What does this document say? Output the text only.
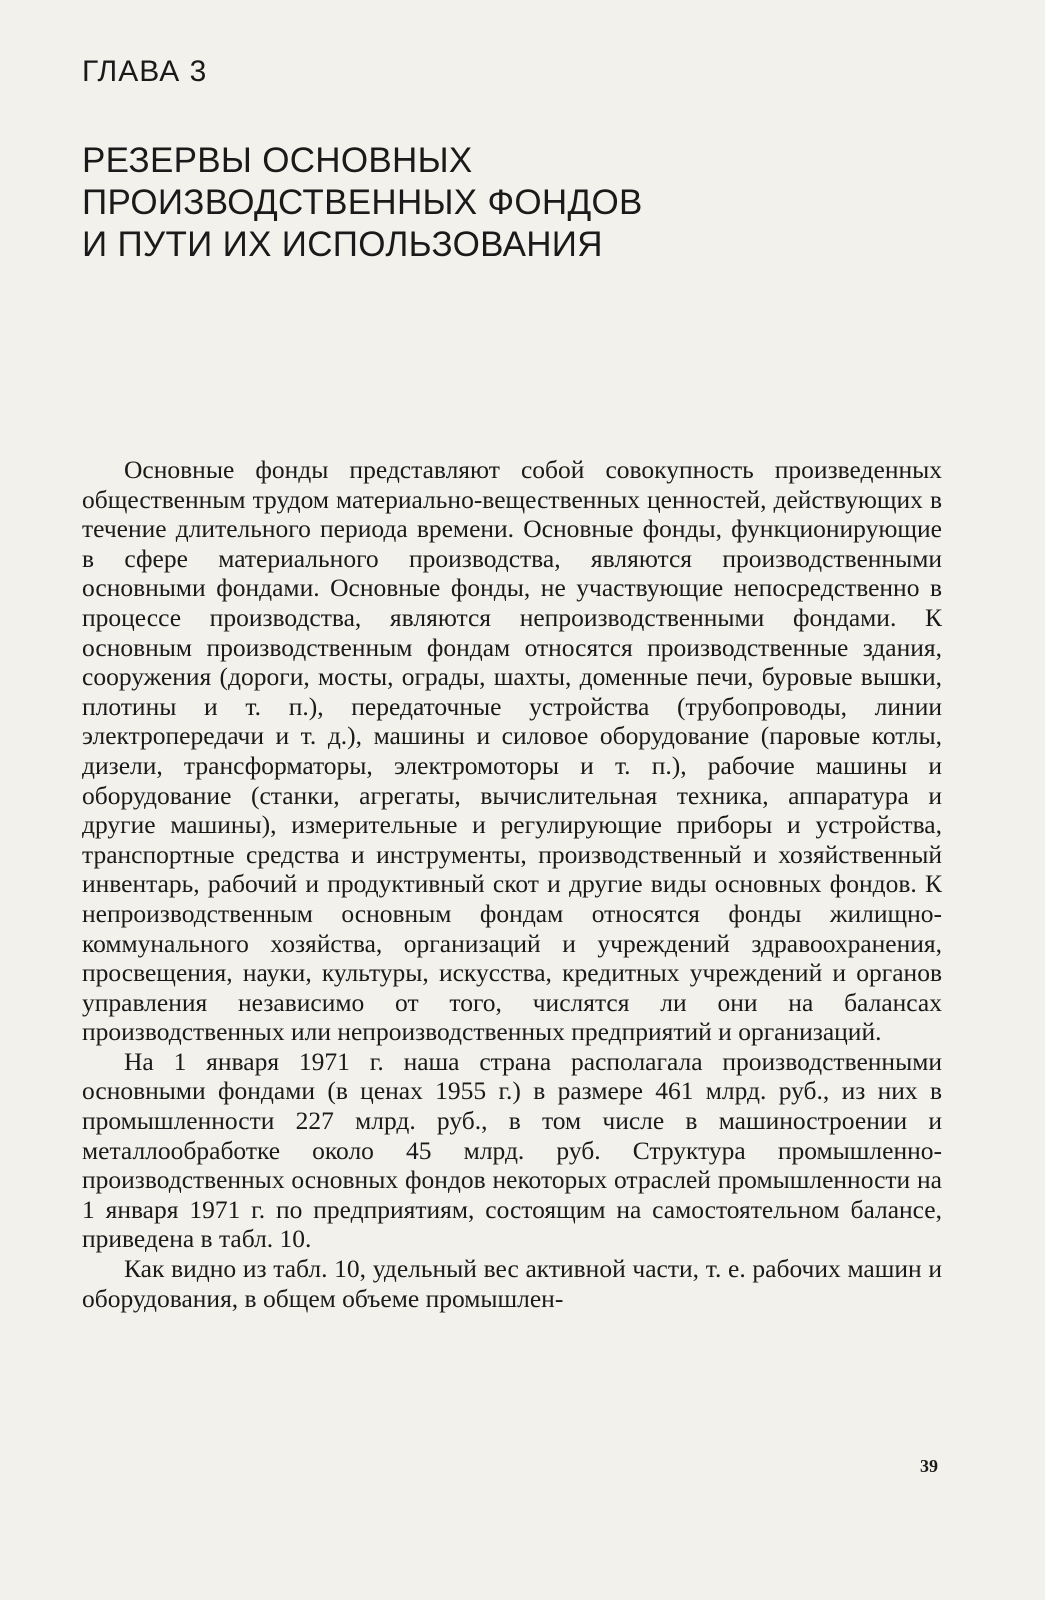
ГЛАВА 3
РЕЗЕРВЫ ОСНОВНЫХ
ПРОИЗВОДСТВЕННЫХ ФОНДОВ
И ПУТИ ИХ ИСПОЛЬЗОВАНИЯ

Основные фонды представляют собой совокупность произведенных общественным трудом материально-вещественных ценностей, действующих в течение длительного периода времени. Основные фонды, функционирующие в сфере материального производства, являются производственными основными фондами. Основные фонды, не участвующие непосредственно в процессе производства, являются непроизводственными фондами. К основным производственным фондам относятся производственные здания, сооружения (дороги, мосты, ограды, шахты, доменные печи, буровые вышки, плотины и т. п.), передаточные устройства (трубопроводы, линии электропередачи и т. д.), машины и силовое оборудование (паровые котлы, дизели, трансформаторы, электромоторы и т. п.), рабочие машины и оборудование (станки, агрегаты, вычислительная техника, аппаратура и другие машины), измерительные и регулирующие приборы и устройства, транспортные средства и инструменты, производственный и хозяйственный инвентарь, рабочий и продуктивный скот и другие виды основных фондов. К непроизводственным основным фондам относятся фонды жилищно-коммунального хозяйства, организаций и учреждений здравоохранения, просвещения, науки, культуры, искусства, кредитных учреждений и органов управления независимо от того, числятся ли они на балансах производственных или непроизводственных предприятий и организаций.

На 1 января 1971 г. наша страна располагала производственными основными фондами (в ценах 1955 г.) в размере 461 млрд. руб., из них в промышленности 227 млрд. руб., в том числе в машиностроении и металлообработке около 45 млрд. руб. Структура промышленно-производственных основных фондов некоторых отраслей промышленности на 1 января 1971 г. по предприятиям, состоящим на самостоятельном балансе, приведена в табл. 10.

Как видно из табл. 10, удельный вес активной части, т. е. рабочих машин и оборудования, в общем объеме промышлен-

39
